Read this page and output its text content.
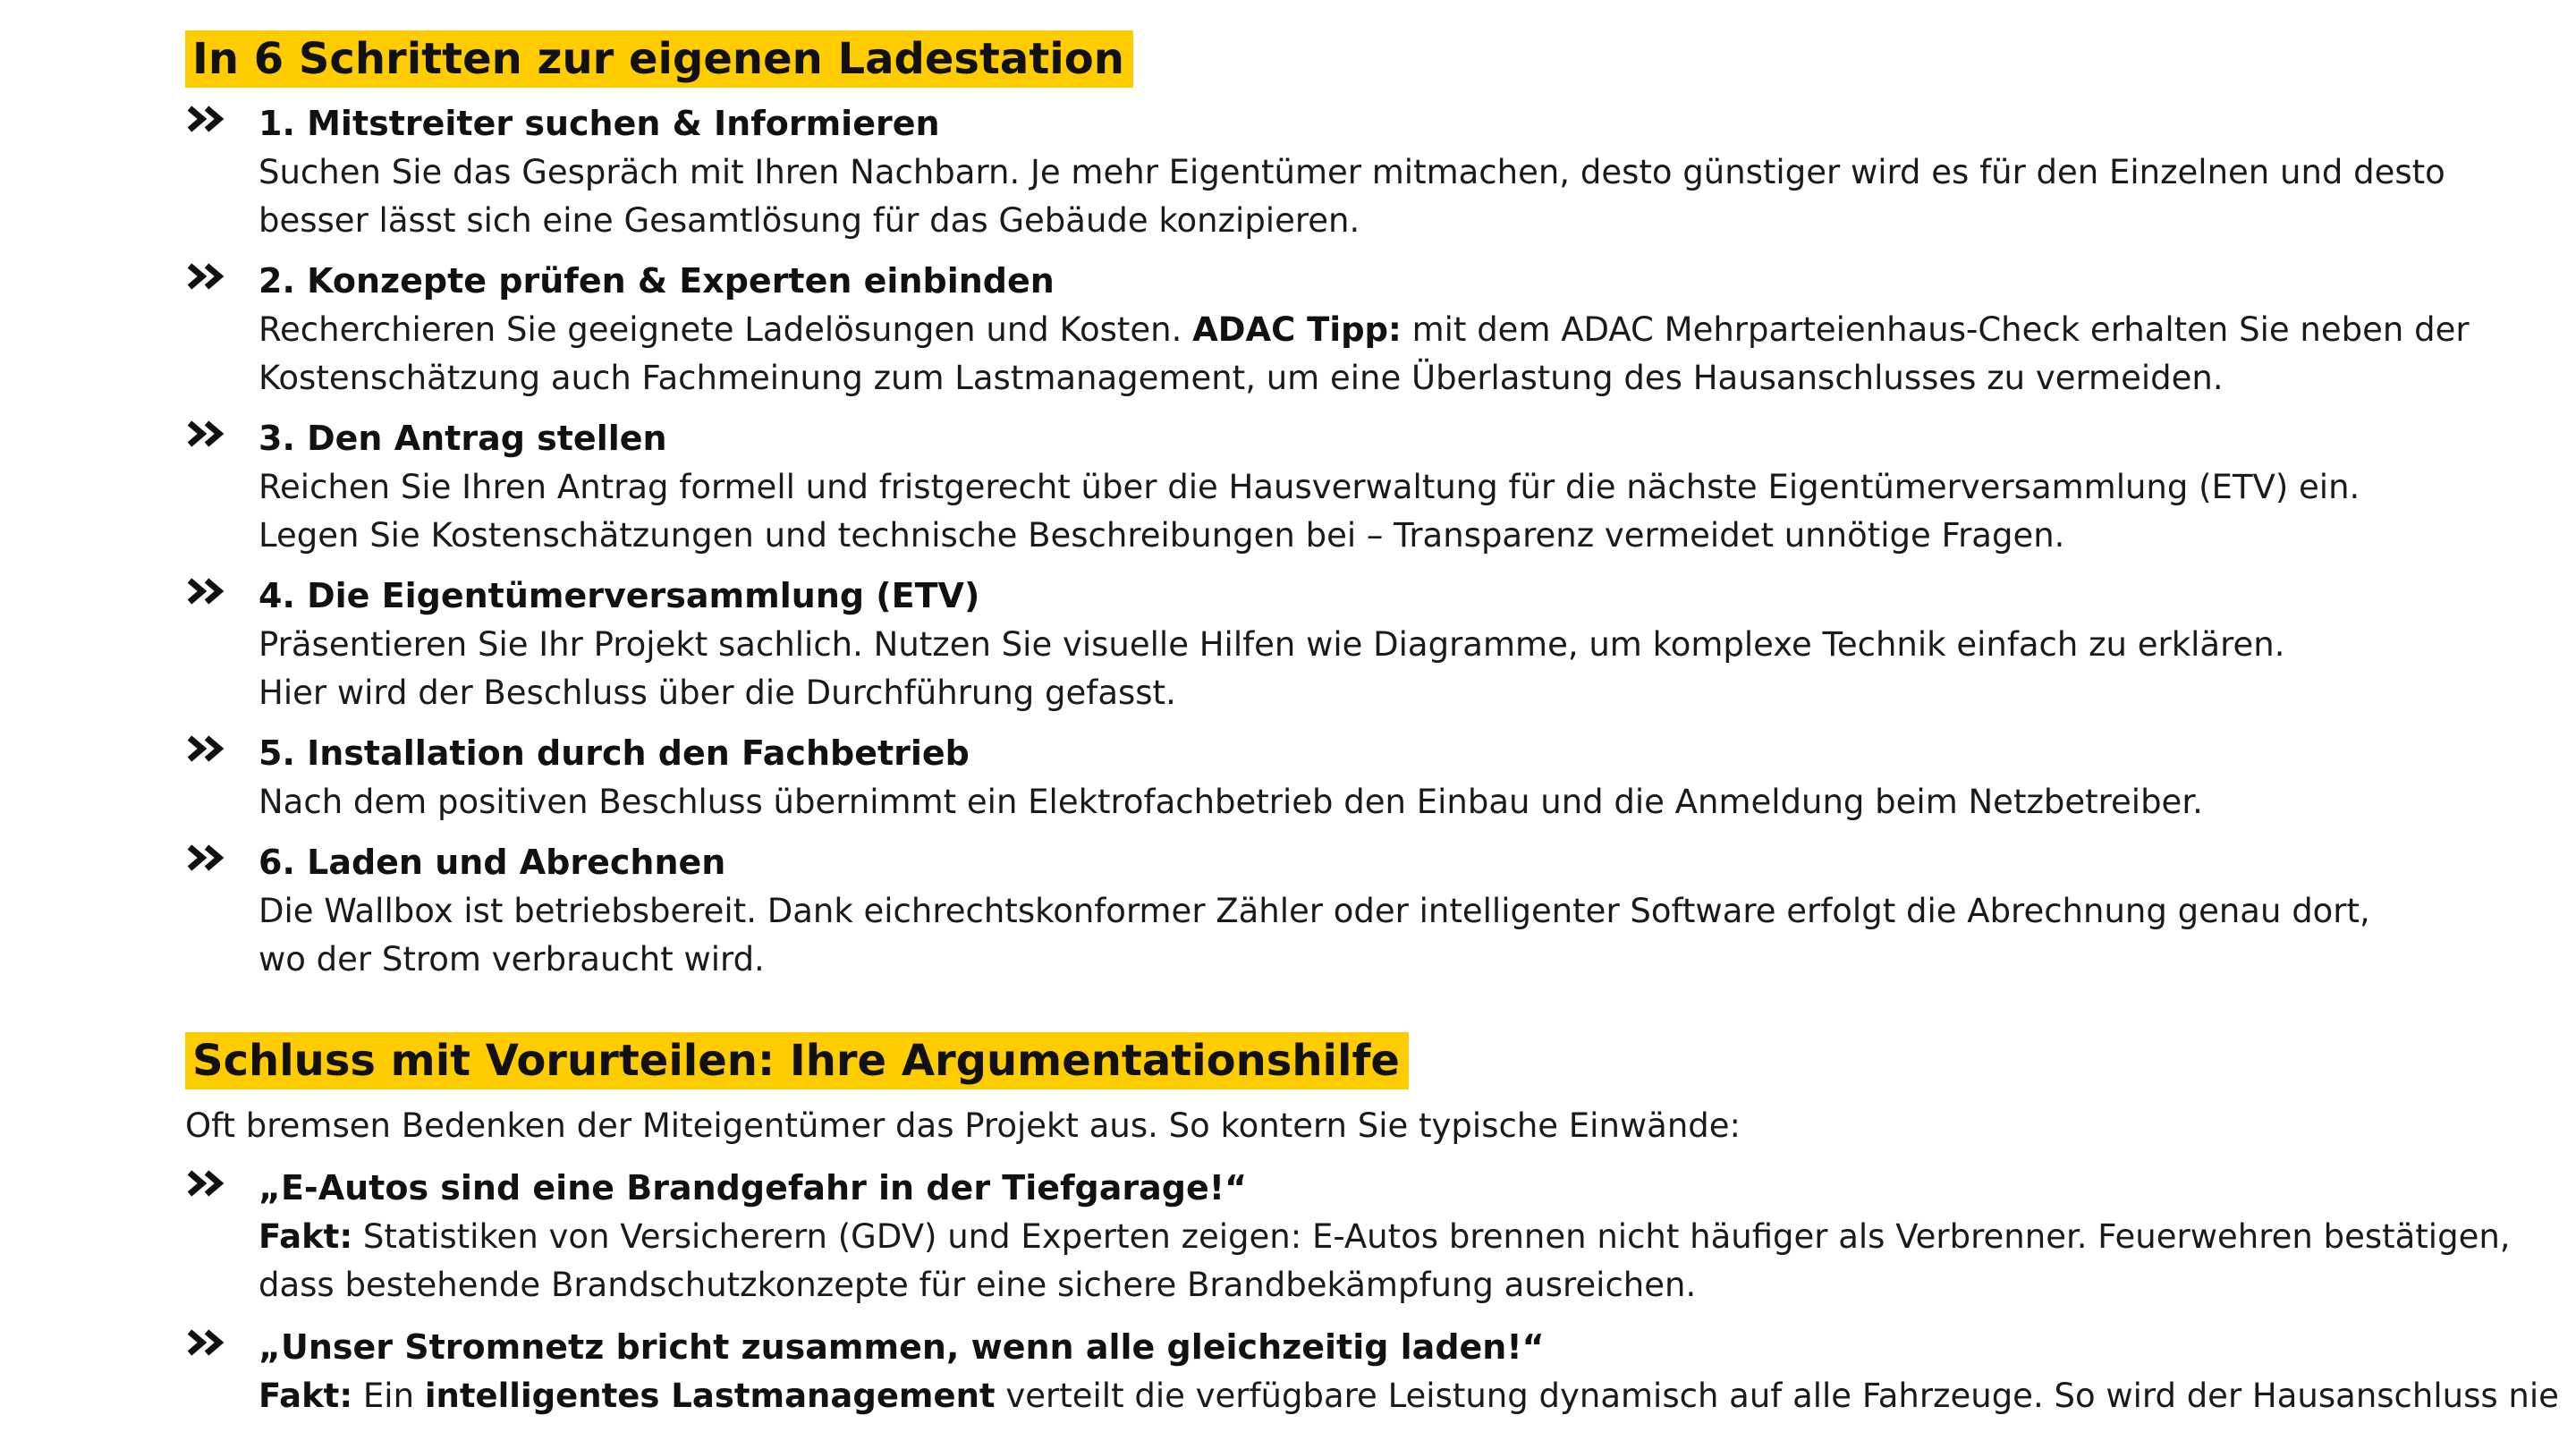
In 6 Schritten zur eigenen Ladestation
1. Mitstreiter suchen & Informieren
Suchen Sie das Gespräch mit Ihren Nachbarn. Je mehr Eigentümer mitmachen, desto günstiger wird es für den Einzelnen und desto
besser lässt sich eine Gesamtlösung für das Gebäude konzipieren.
2. Konzepte prüfen & Experten einbinden
Recherchieren Sie geeignete Ladelösungen und Kosten. ADAC Tipp: mit dem ADAC Mehrparteienhaus-Check erhalten Sie neben der
Kostenschätzung auch Fachmeinung zum Lastmanagement, um eine Überlastung des Hausanschlusses zu vermeiden.
3. Den Antrag stellen
Reichen Sie Ihren Antrag formell und fristgerecht über die Hausverwaltung für die nächste Eigentümerversammlung (ETV) ein.
Legen Sie Kostenschätzungen und technische Beschreibungen bei – Transparenz vermeidet unnötige Fragen.
4. Die Eigentümerversammlung (ETV)
Präsentieren Sie Ihr Projekt sachlich. Nutzen Sie visuelle Hilfen wie Diagramme, um komplexe Technik einfach zu erklären.
Hier wird der Beschluss über die Durchführung gefasst.
5. Installation durch den Fachbetrieb
Nach dem positiven Beschluss übernimmt ein Elektrofachbetrieb den Einbau und die Anmeldung beim Netzbetreiber.
6. Laden und Abrechnen
Die Wallbox ist betriebsbereit. Dank eichrechtskonformer Zähler oder intelligenter Software erfolgt die Abrechnung genau dort,
wo der Strom verbraucht wird.
Schluss mit Vorurteilen: Ihre Argumentationshilfe

Oft bremsen Bedenken der Miteigentümer das Projekt aus. So kontern Sie typische Einwände:

„E-Autos sind eine Brandgefahr in der Tiefgarage!“
Fakt: Statistiken von Versicherern (GDV) und Experten zeigen: E-Autos brennen nicht häufiger als Verbrenner. Feuerwehren bestätigen,
dass bestehende Brandschutzkonzepte für eine sichere Brandbekämpfung ausreichen.
„Unser Stromnetz bricht zusammen, wenn alle gleichzeitig laden!“
Fakt: Ein intelligentes Lastmanagement verteilt die verfügbare Leistung dynamisch auf alle Fahrzeuge. So wird der Hausanschluss nie
